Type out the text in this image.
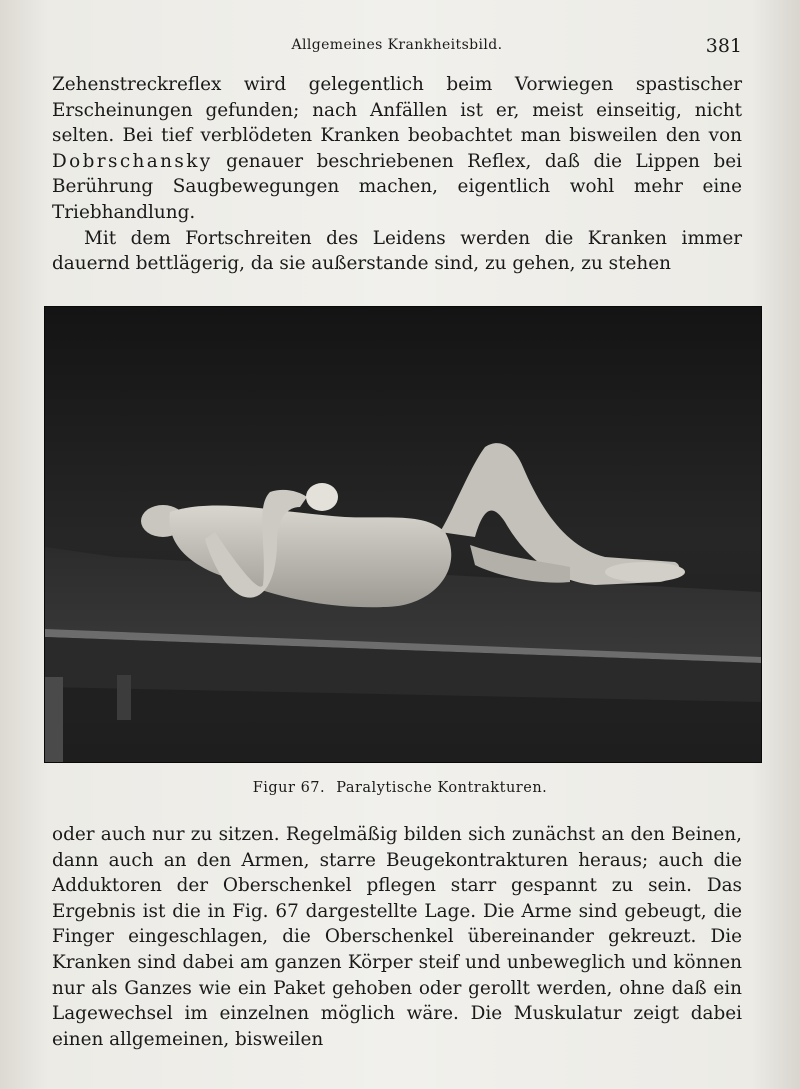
Allgemeines Krankheitsbild.	381

Zehenstreckreflex wird gelegentlich beim Vorwiegen spastischer Erscheinungen gefunden; nach Anfällen ist er, meist einseitig, nicht selten. Bei tief verblödeten Kranken beobachtet man bisweilen den von Dobrschansky genauer beschriebenen Reflex, daß die Lippen bei Berührung Saugbewegungen machen, eigentlich wohl mehr eine Triebhandlung.

Mit dem Fortschreiten des Leidens werden die Kranken immer dauernd bettlägerig, da sie außerstande sind, zu gehen, zu stehen

Figur 67. Paralytische Kontrakturen.

oder auch nur zu sitzen. Regelmäßig bilden sich zunächst an den Beinen, dann auch an den Armen, starre Beugekontrakturen heraus; auch die Adduktoren der Oberschenkel pflegen starr gespannt zu sein. Das Ergebnis ist die in Fig. 67 dargestellte Lage. Die Arme sind gebeugt, die Finger eingeschlagen, die Oberschenkel übereinander gekreuzt. Die Kranken sind dabei am ganzen Körper steif und unbeweglich und können nur als Ganzes wie ein Paket gehoben oder gerollt werden, ohne daß ein Lagewechsel im einzelnen möglich wäre. Die Muskulatur zeigt dabei einen allgemeinen, bisweilen
